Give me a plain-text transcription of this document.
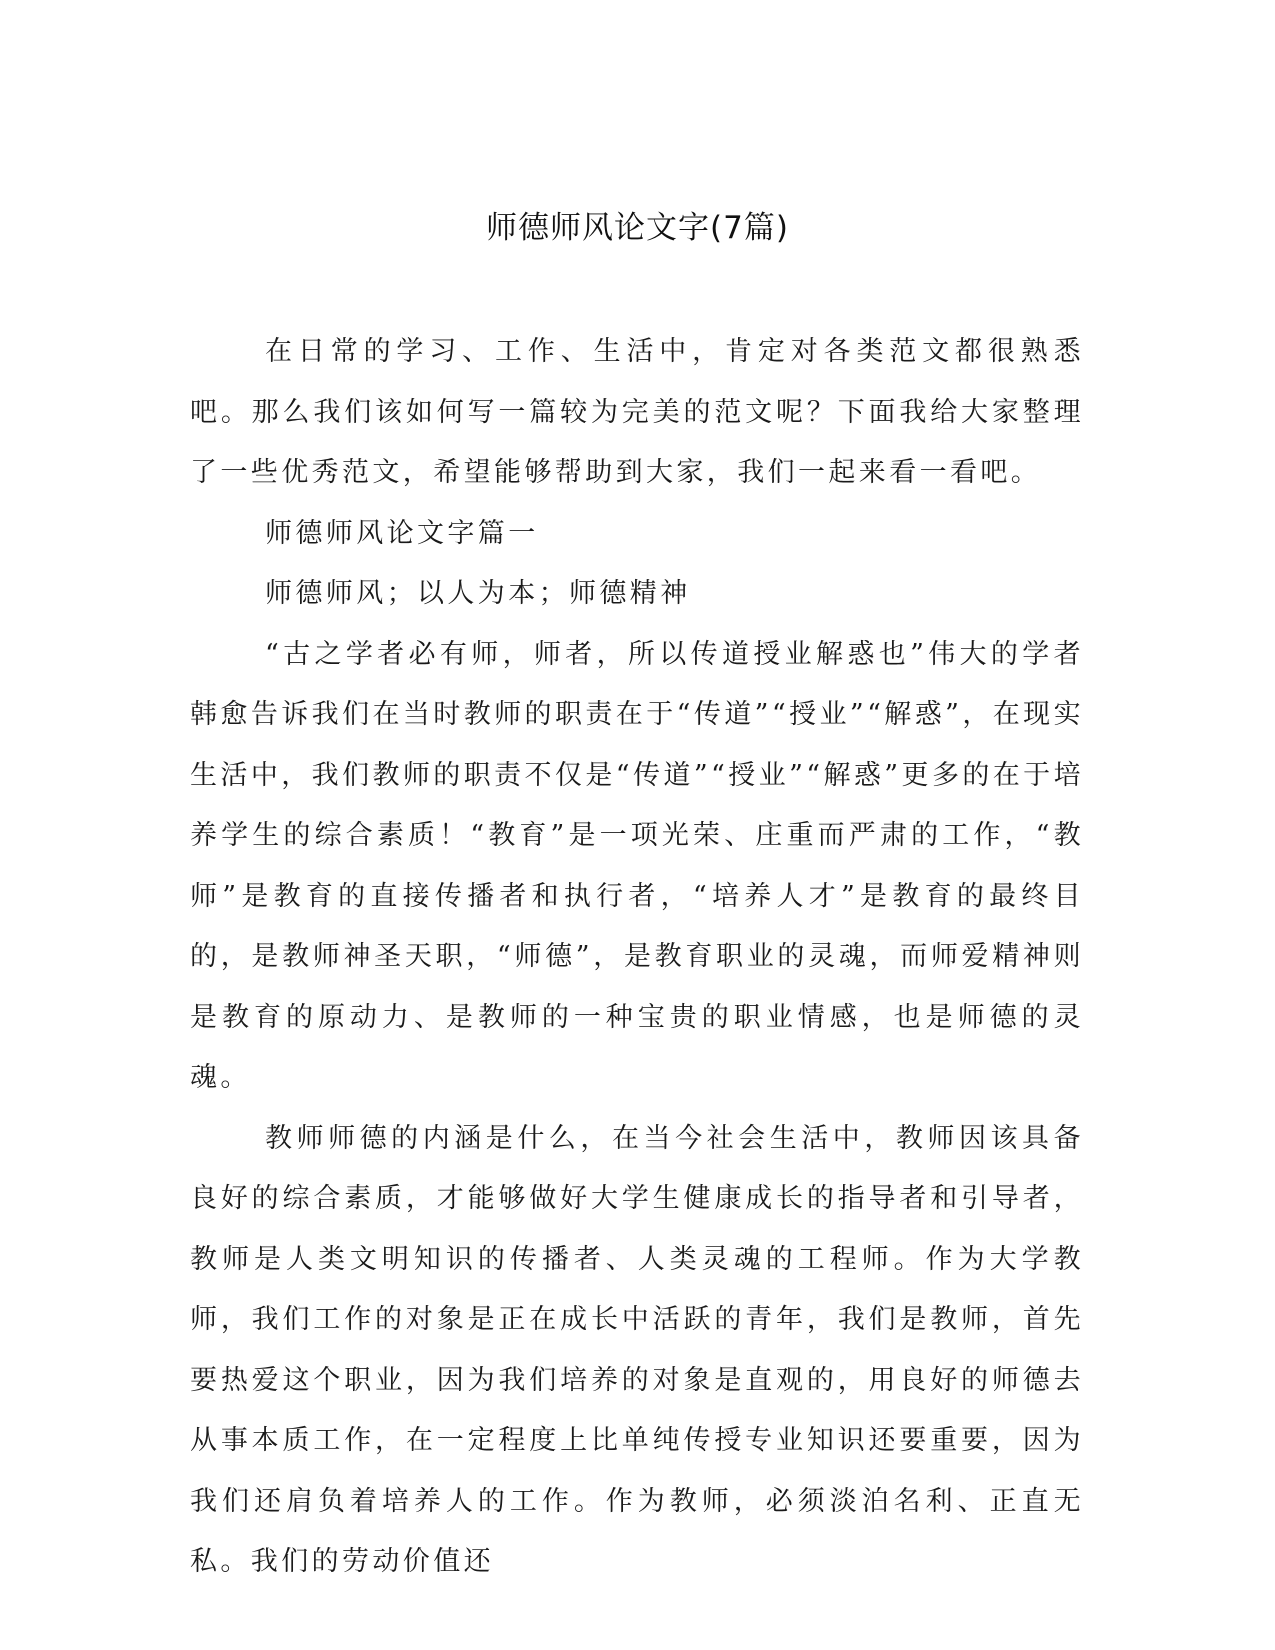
师德师风论文字(7篇)

在日常的学习、工作、生活中，肯定对各类范文都很熟悉吧。那么我们该如何写一篇较为完美的范文呢？下面我给大家整理了一些优秀范文，希望能够帮助到大家，我们一起来看一看吧。

师德师风论文字篇一

师德师风；以人为本；师德精神

“古之学者必有师，师者，所以传道授业解惑也”伟大的学者韩愈告诉我们在当时教师的职责在于“传道”“授业”“解惑”，在现实生活中，我们教师的职责不仅是“传道”“授业”“解惑”更多的在于培养学生的综合素质！“教育”是一项光荣、庄重而严肃的工作，“教师”是教育的直接传播者和执行者，“培养人才”是教育的最终目的，是教师神圣天职，“师德”，是教育职业的灵魂，而师爱精神则是教育的原动力、是教师的一种宝贵的职业情感，也是师德的灵魂。

教师师德的内涵是什么，在当今社会生活中，教师因该具备良好的综合素质，才能够做好大学生健康成长的指导者和引导者，教师是人类文明知识的传播者、人类灵魂的工程师。作为大学教师，我们工作的对象是正在成长中活跃的青年，我们是教师，首先要热爱这个职业，因为我们培养的对象是直观的，用良好的师德去从事本质工作，在一定程度上比单纯传授专业知识还要重要，因为我们还肩负着培养人的工作。作为教师，必须淡泊名利、正直无私。我们的劳动价值还
